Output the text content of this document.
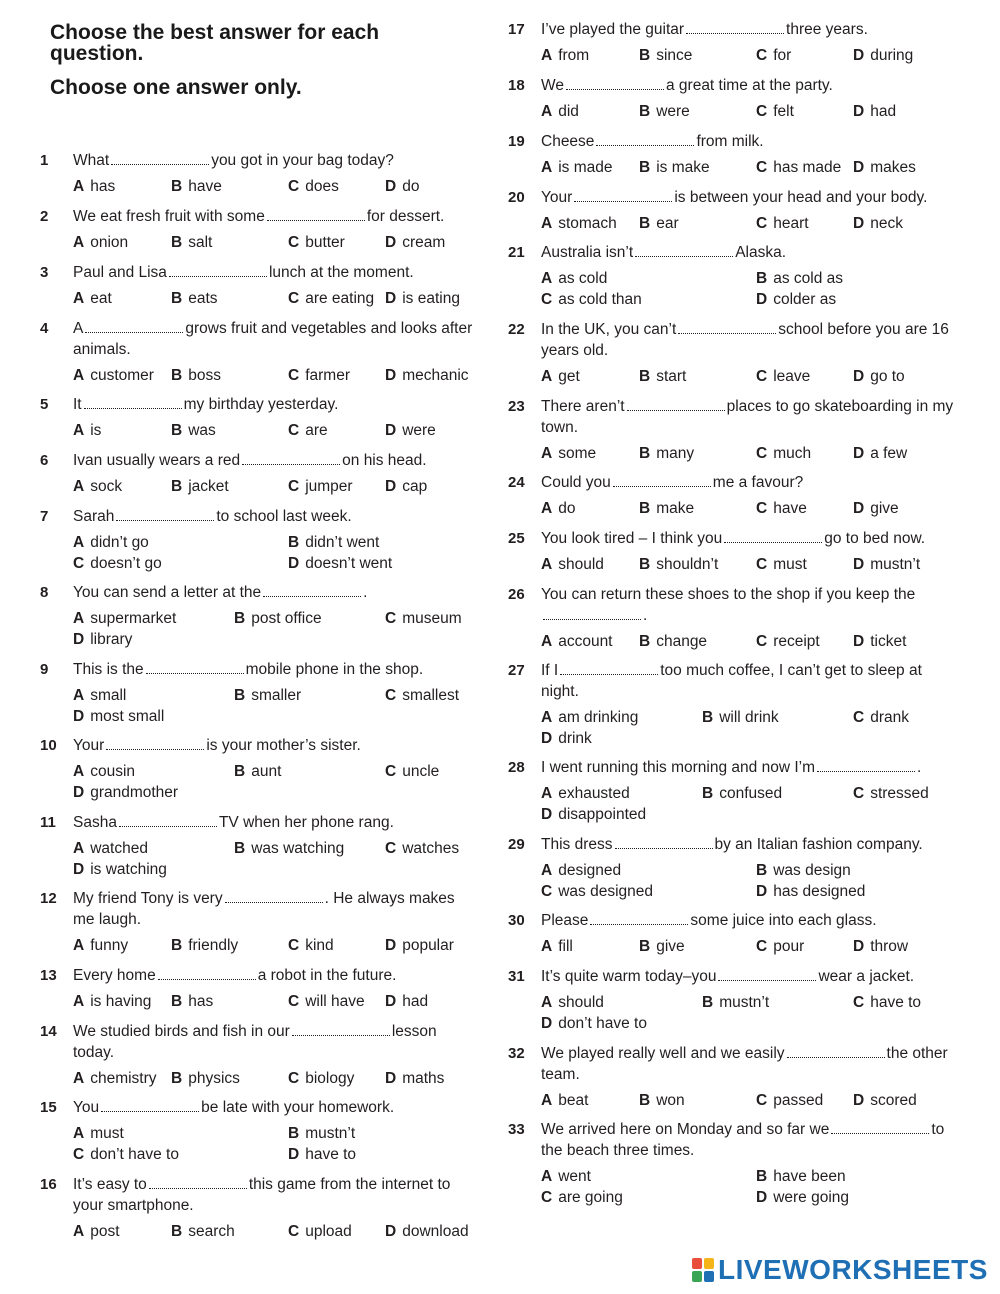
Choose the best answer for each question.
Choose one answer only.
1	What	you got in your bag today?
A has	B have	C does	D do
2	We eat fresh fruit with some	for dessert.
A onion	B salt	C butter	D cream
3	Paul and Lisa	lunch at the moment.
A eat	B eats	C are eating D is eating
4	A	grows fruit and vegetables and looks after animals.
A customer B boss	C farmer D mechanic
5	It	my birthday yesterday.
A is	B was	C are	D were
6	Ivan usually wears a red	on his head.
A sock	B jacket	C jumper D cap
7	Sarah	to school last week.
A didn’t go	B didn’t went
C doesn’t go	D doesn’t went
8	You can send a letter at the	.
A supermarket	B post office	C museum
D library
9	This is the	mobile phone in the shop.
A small	B smaller	C smallest
D most small
10	Your	is your mother’s sister.
A cousin	B aunt	C uncle
D grandmother
11	Sasha	TV when her phone rang.
A watched	B was watching	C watches
D is watching
12	My friend Tony is very	. He always makes me laugh.
A funny	B friendly	C kind	D popular
13	Every home	a robot in the future.
A is having B has	C will have D had
14	We studied birds and fish in our	lesson today.
A chemistry B physics	C biology D maths
15	You	be late with your homework.
A must	B mustn’t
C don’t have to	D have to
16	It’s easy to	this game from the internet to your smartphone.
A post	B search	C upload D download
17	I’ve played the guitar	three years.
A from	B since	C for	D during
18	We	a great time at the party.
A did	B were	C felt	D had
19	Cheese	from milk.
A is made B is make	C has made D makes
20	Your	is between your head and your body.
A stomach B ear	C heart	D neck
21	Australia isn’t	Alaska.
A as cold	B as cold as
C as cold than	D colder as
22	In the UK, you can’t	school before you are 16 years old.
A get	B start	C leave	D go to
23	There aren’t	places to go skateboarding in my town.
A some	B many	C much	D a few
24	Could you	me a favour?
A do	B make	C have	D give
25	You look tired – I think you	go to bed now.
A should B shouldn’t C must	D mustn’t
26	You can return these shoes to the shop if you keep the.
A account B change	C receipt D ticket
27	If I	too much coffee, I can’t get to sleep at night.
A am drinking	B will drink	C drank
D drink
28	I went running this morning and now I’m	.
A exhausted	B confused	C stressed
D disappointed
29	This dress	by an Italian fashion company.
A designed	B was design
C was designed	D has designed
30	Please	some juice into each glass.
A fill	B give	C pour	D throw
31	It’s quite warm today–you	wear a jacket.
A should	B mustn’t	C have to
D don’t have to
32	We played really well and we easily	the other team.
A beat	B won	C passed D scored
33	We arrived here on Monday and so far we	to the beach three times.
A went	B have been
C are going	D were going
LIVEWORKSHEETS
